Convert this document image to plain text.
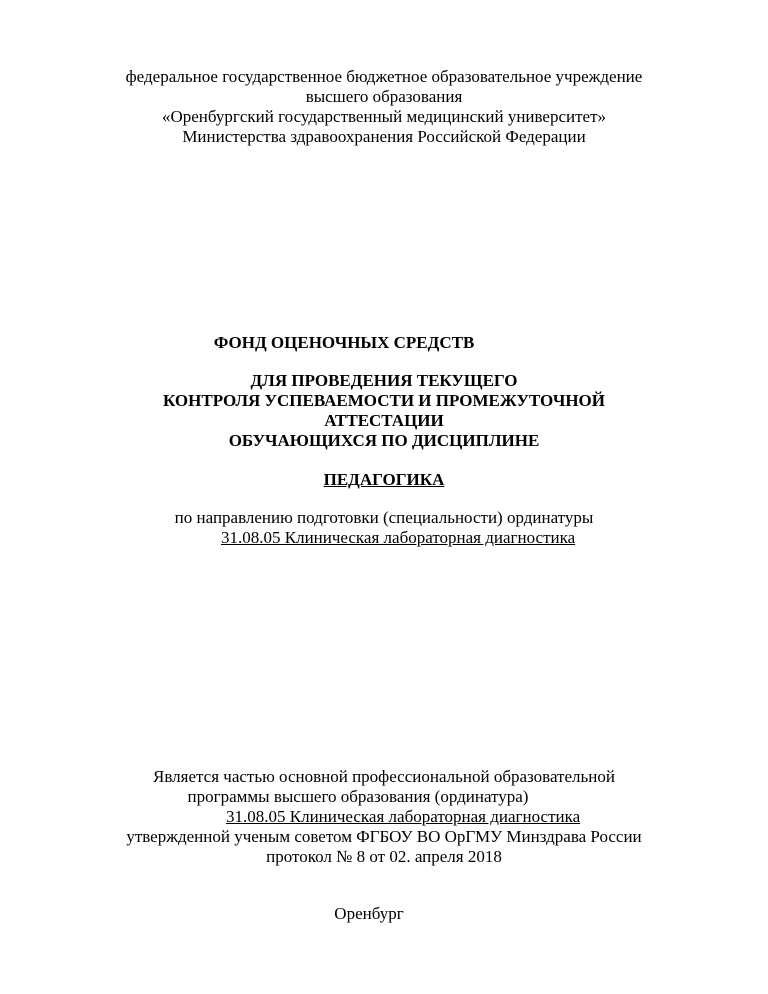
федеральное государственное бюджетное образовательное учреждение
высшего образования
«Оренбургский государственный медицинский университет»
Министерства здравоохранения Российской Федерации
ФОНД ОЦЕНОЧНЫХ СРЕДСТВ
ДЛЯ ПРОВЕДЕНИЯ ТЕКУЩЕГО
КОНТРОЛЯ УСПЕВАЕМОСТИ И ПРОМЕЖУТОЧНОЙ
АТТЕСТАЦИИ
ОБУЧАЮЩИХСЯ ПО ДИСЦИПЛИНЕ
ПЕДАГОГИКА
по направлению подготовки (специальности) ординатуры
31.08.05 Клиническая лабораторная диагностика
Является частью основной профессиональной образовательной
программы высшего образования (ординатура)
31.08.05 Клиническая лабораторная диагностика
утвержденной ученым советом ФГБОУ ВО ОрГМУ Минздрава России
протокол № 8 от 02. апреля 2018
Оренбург
